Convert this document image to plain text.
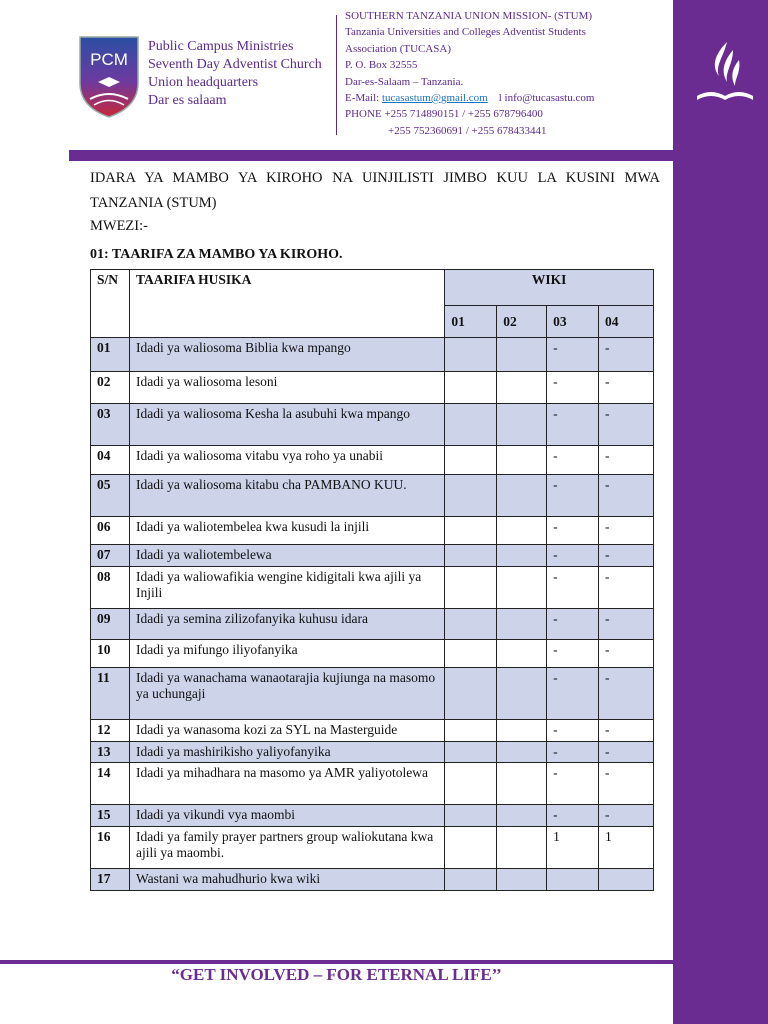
PCM
Public Campus Ministries
Seventh Day Adventist Church
Union headquarters
Dar es salaam
SOUTHERN TANZANIA UNION MISSION- (STUM)
Tanzania Universities and Colleges Adventist Students
Association (TUCASA)
P. O. Box 32555
Dar-es-Salaam – Tanzania.
E-Mail: tucasastum@gmail.com l info@tucasastu.com
PHONE +255 714890151 / +255 678796400
+255 752360691 / +255 678433441
IDARA YA MAMBO YA KIROHO NA UINJILISTI JIMBO KUU LA KUSINI MWA
TANZANIA (STUM)
MWEZI:-
01: TAARIFA ZA MAMBO YA KIROHO.
S/N	TAARIFA HUSIKA	WIKI			
		01	02	03	04
01	Idadi ya waliosoma Biblia kwa mpango			-	-
02	Idadi ya waliosoma lesoni			-	-
03	Idadi ya waliosoma Kesha la asubuhi kwa mpango			-	-
04	Idadi ya waliosoma vitabu vya roho ya unabii			-	-
05	Idadi ya waliosoma kitabu cha PAMBANO KUU.			-	-
06	Idadi ya waliotembelea kwa kusudi la injili			-	-
07	Idadi ya waliotembelewa			-	-
08	Idadi ya waliowafikia wengine kidigitali kwa ajili ya Injili			-	-
09	Idadi ya semina zilizofanyika kuhusu idara			-	-
10	Idadi ya mifungo iliyofanyika			-	-
11	Idadi ya wanachama wanaotarajia kujiunga na masomo ya uchungaji			-	-
12	Idadi ya wanasoma kozi za SYL na Masterguide			-	-
13	Idadi ya mashirikisho yaliyofanyika			-	-
14	Idadi ya mihadhara na masomo ya AMR yaliyotolewa			-	-
15	Idadi ya vikundi vya maombi			-	-
16	Idadi ya family prayer partners group waliokutana kwa ajili ya maombi.			1	1
17	Wastani wa mahudhurio kwa wiki				
“GET INVOLVED – FOR ETERNAL LIFE’’
